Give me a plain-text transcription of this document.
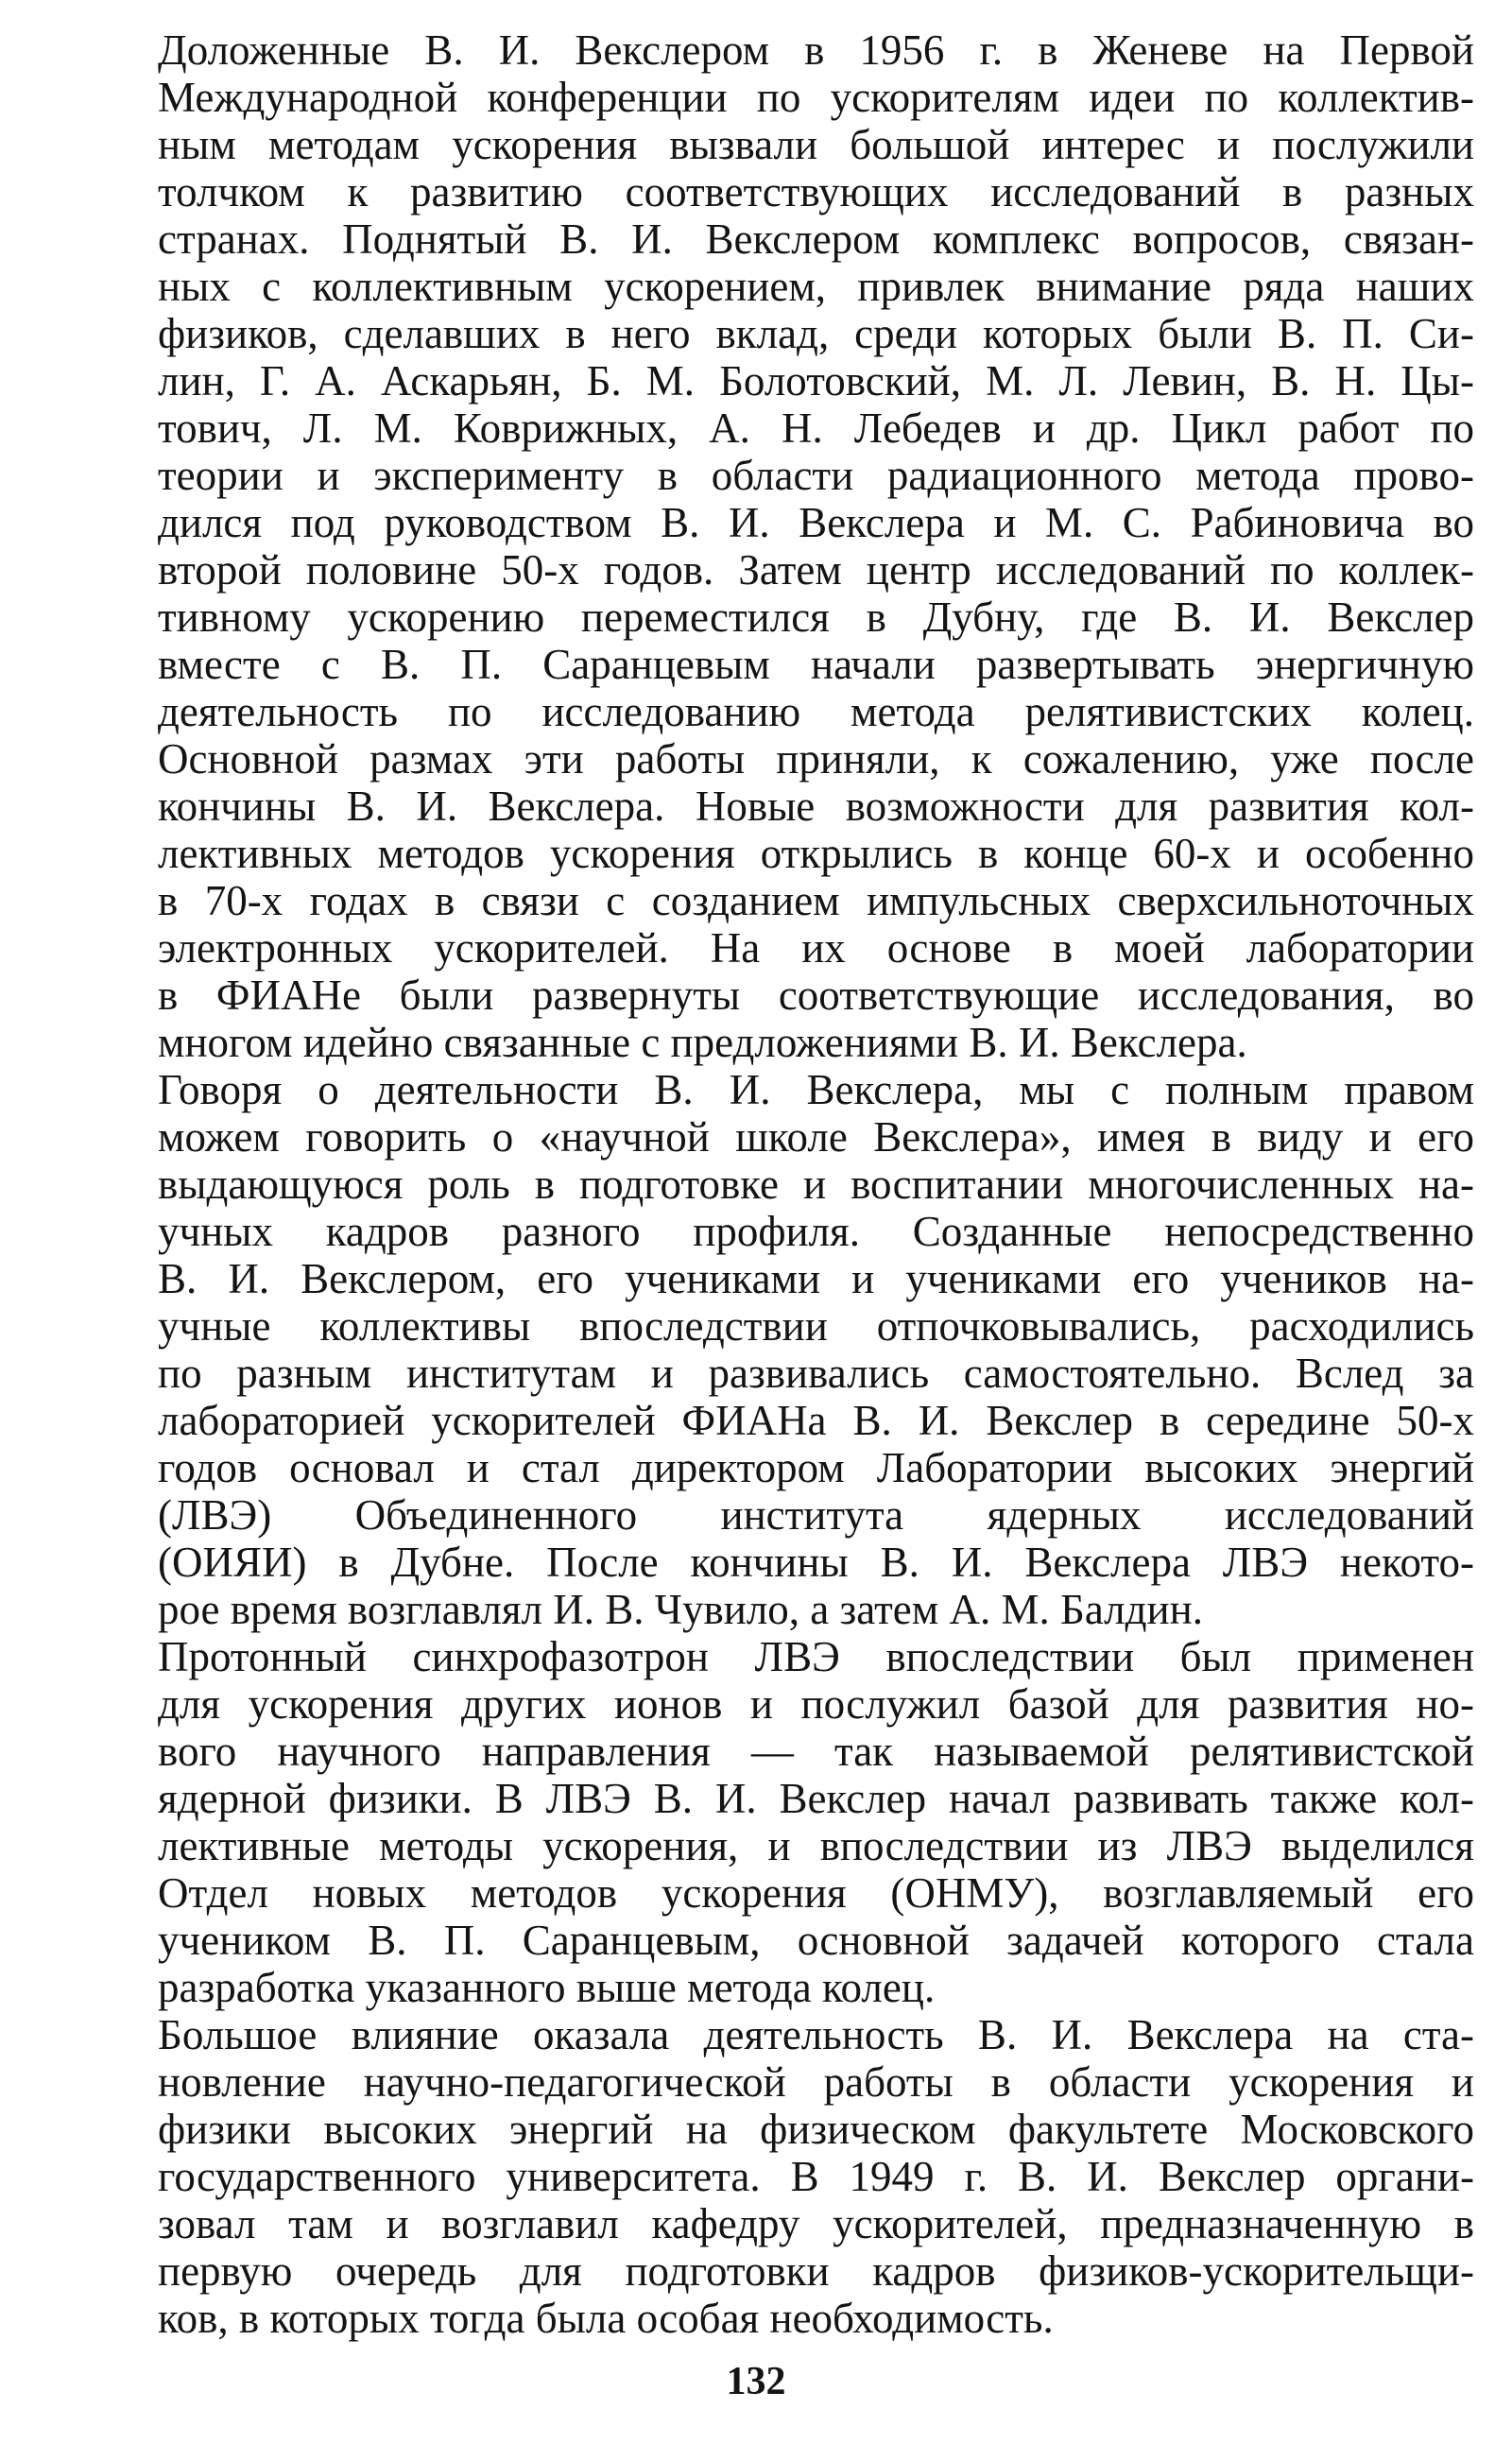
Доложенные В. И. Векслером в 1956 г. в Женеве на Первой
Международной конференции по ускорителям идеи по коллектив-
ным методам ускорения вызвали большой интерес и послужили
толчком к развитию соответствующих исследований в разных
странах. Поднятый В. И. Векслером комплекс вопросов, связан-
ных с коллективным ускорением, привлек внимание ряда наших
физиков, сделавших в него вклад, среди которых были В. П. Си-
лин, Г. А. Аскарьян, Б. М. Болотовский, М. Л. Левин, В. Н. Цы-
тович, Л. М. Коврижных, А. Н. Лебедев и др. Цикл работ по
теории и эксперименту в области радиационного метода прово-
дился под руководством В. И. Векслера и М. С. Рабиновича во
второй половине 50-х годов. Затем центр исследований по коллек-
тивному ускорению переместился в Дубну, где В. И. Векслер
вместе с В. П. Саранцевым начали развертывать энергичную
деятельность по исследованию метода релятивистских колец.
Основной размах эти работы приняли, к сожалению, уже после
кончины В. И. Векслера. Новые возможности для развития кол-
лективных методов ускорения открылись в конце 60-х и особенно
в 70-х годах в связи с созданием импульсных сверхсильноточных
электронных ускорителей. На их основе в моей лаборатории
в ФИАНе были развернуты соответствующие исследования, во
многом идейно связанные с предложениями В. И. Векслера.
Говоря о деятельности В. И. Векслера, мы с полным правом
можем говорить о «научной школе Векслера», имея в виду и его
выдающуюся роль в подготовке и воспитании многочисленных на-
учных кадров разного профиля. Созданные непосредственно
В. И. Векслером, его учениками и учениками его учеников на-
учные коллективы впоследствии отпочковывались, расходились
по разным институтам и развивались самостоятельно. Вслед за
лабораторией ускорителей ФИАНа В. И. Векслер в середине 50-х
годов основал и стал директором Лаборатории высоких энергий
(ЛВЭ) Объединенного института ядерных исследований
(ОИЯИ) в Дубне. После кончины В. И. Векслера ЛВЭ некото-
рое время возглавлял И. В. Чувило, а затем А. М. Балдин.
Протонный синхрофазотрон ЛВЭ впоследствии был применен
для ускорения других ионов и послужил базой для развития но-
вого научного направления — так называемой релятивистской
ядерной физики. В ЛВЭ В. И. Векслер начал развивать также кол-
лективные методы ускорения, и впоследствии из ЛВЭ выделился
Отдел новых методов ускорения (ОНМУ), возглавляемый его
учеником В. П. Саранцевым, основной задачей которого стала
разработка указанного выше метода колец.
Большое влияние оказала деятельность В. И. Векслера на ста-
новление научно-педагогической работы в области ускорения и
физики высоких энергий на физическом факультете Московского
государственного университета. В 1949 г. В. И. Векслер органи-
зовал там и возглавил кафедру ускорителей, предназначенную в
первую очередь для подготовки кадров физиков-ускорительщи-
ков, в которых тогда была особая необходимость.
132
